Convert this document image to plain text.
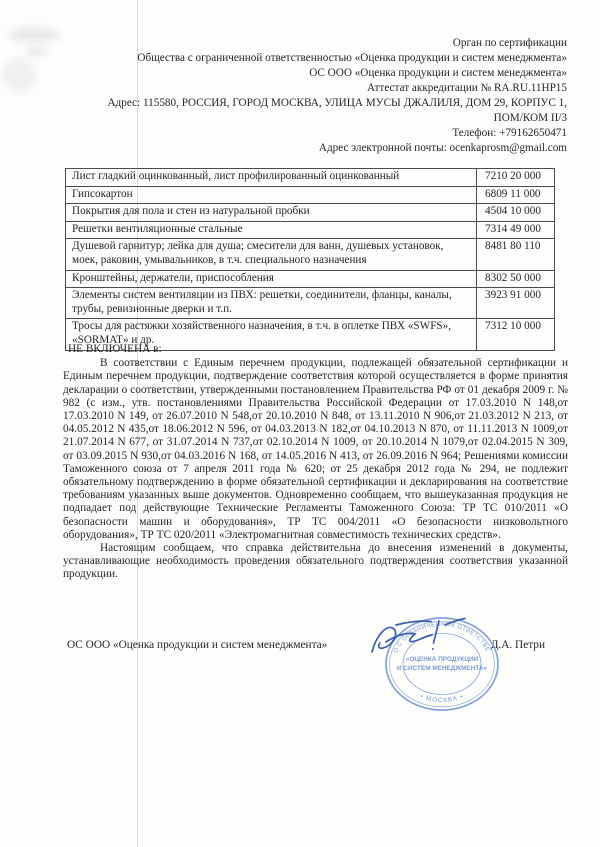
Орган по сертификации
Общества с ограниченной ответственностью «Оценка продукции и систем менеджмента»
ОС ООО «Оценка продукции и систем менеджмента»
Аттестат аккредитации № RA.RU.11НР15
Адрес: 115580, РОССИЯ, ГОРОД МОСКВА, УЛИЦА МУСЫ ДЖАЛИЛЯ, ДОМ 29, КОРПУС 1,
ПОМ/КОМ II/3
Телефон: +79162650471
Адрес электронной почты: ocenkaprosm@gmail.com
Лист гладкий оцинкованный, лист профилированный оцинкованный	7210 20 000
Гипсокартон	6809 11 000
Покрытия для пола и стен из натуральной пробки	4504 10 000
Решетки вентиляционные стальные	7314 49 000
Душевой гарнитур; лейка для душа; смесители для ванн, душевых установок, моек, раковин, умывальников, в т.ч. специального назначения	8481 80 110
Кронштейны, держатели, приспособления	8302 50 000
Элементы систем вентиляции из ПВХ: решетки, соединители, фланцы, каналы, трубы, ревизионные дверки и т.п.	3923 91 000
Тросы для растяжки хозяйственного назначения, в т.ч. в оплетке ПВХ «SWFS», «SORMAT» и др.	7312 10 000
НЕ ВКЛЮЧЕНА в:

В соответствии с Единым перечнем продукции, подлежащей обязательной сертификации и Единым перечнем продукции, подтверждение соответствия которой осуществляется в форме принятия декларации о соответствии, утвержденными постановлением Правительства РФ от 01 декабря 2009 г. № 982 (с изм., утв. постановлениями Правительства Российской Федерации от 17.03.2010 N 148,от 17.03.2010 N 149, от 26.07.2010 N 548,от 20.10.2010 N 848, от 13.11.2010 N 906,от 21.03.2012 N 213, от 04.05.2012 N 435,от 18.06.2012 N 596, от 04.03.2013 N 182,от 04.10.2013 N 870, от 11.11.2013 N 1009,от 21.07.2014 N 677, от 31.07.2014 N 737,от 02.10.2014 N 1009, от 20.10.2014 N 1079,от 02.04.2015 N 309, от 03.09.2015 N 930,от 04.03.2016 N 168, от 14.05.2016 N 413, от 26.09.2016 N 964; Решениями комиссии Таможенного союза от 7 апреля 2011 года № 620; от 25 декабря 2012 года № 294, не подлежит обязательному подтверждению в форме обязательной сертификации и декларирования на соответствие требованиям указанных выше документов. Одновременно сообщаем, что вышеуказанная продукция не подпадает под действующие Технические Регламенты Таможенного Союза: ТР ТС 010/2011 «О безопасности машин и оборудования», ТР ТС 004/2011 «О безопасности низковольтного оборудования», ТР ТС 020/2011 «Электромагнитная совместимость технических средств».

Настоящим сообщаем, что справка действительна до внесения изменений в документы, устанавливающие необходимость проведения обязательного подтверждения соответствия указанной продукции.

ОС ООО «Оценка продукции и систем менеджмента»	Д.А. Петри
ОБЩЕСТВО С ОГРАНИЧЕННОЙ ОТВЕТСТВЕННОСТЬЮ
• МОСКВА •
«ОЦЕНКА ПРОДУКЦИИ
И СИСТЕМ МЕНЕДЖМЕНТА»
